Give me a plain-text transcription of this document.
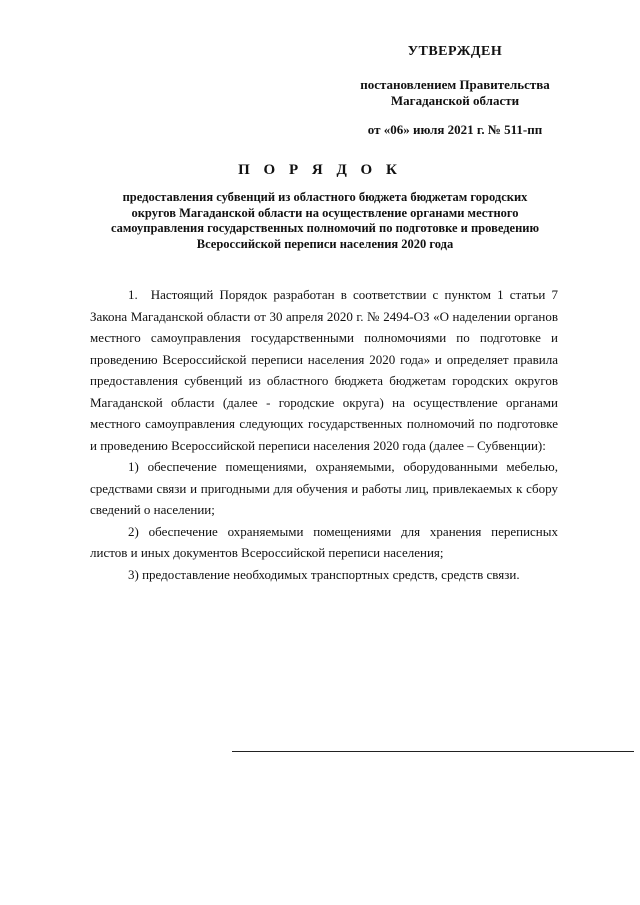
УТВЕРЖДЕН
постановлением Правительства
Магаданской области
от «06» июля 2021 г. № 511-пп
П О Р Я Д О К
предоставления субвенций из областного бюджета бюджетам городских округов Магаданской области на осуществление органами местного самоуправления государственных полномочий по подготовке и проведению Всероссийской переписи населения 2020 года

1. Настоящий Порядок разработан в соответствии с пунктом 1 статьи 7 Закона Магаданской области от 30 апреля 2020 г. № 2494-ОЗ «О наделении органов местного самоуправления государственными полномочиями по подготовке и проведению Всероссийской переписи населения 2020 года» и определяет правила предоставления субвенций из областного бюджета бюджетам городских округов Магаданской области (далее - городские округа) на осуществление органами местного самоуправления следующих государственных полномочий по подготовке и проведению Всероссийской переписи населения 2020 года (далее – Субвенции):

1) обеспечение помещениями, охраняемыми, оборудованными мебелью, средствами связи и пригодными для обучения и работы лиц, привлекаемых к сбору сведений о населении;

2) обеспечение охраняемыми помещениями для хранения переписных листов и иных документов Всероссийской переписи населения;

3) предоставление необходимых транспортных средств, средств связи.
